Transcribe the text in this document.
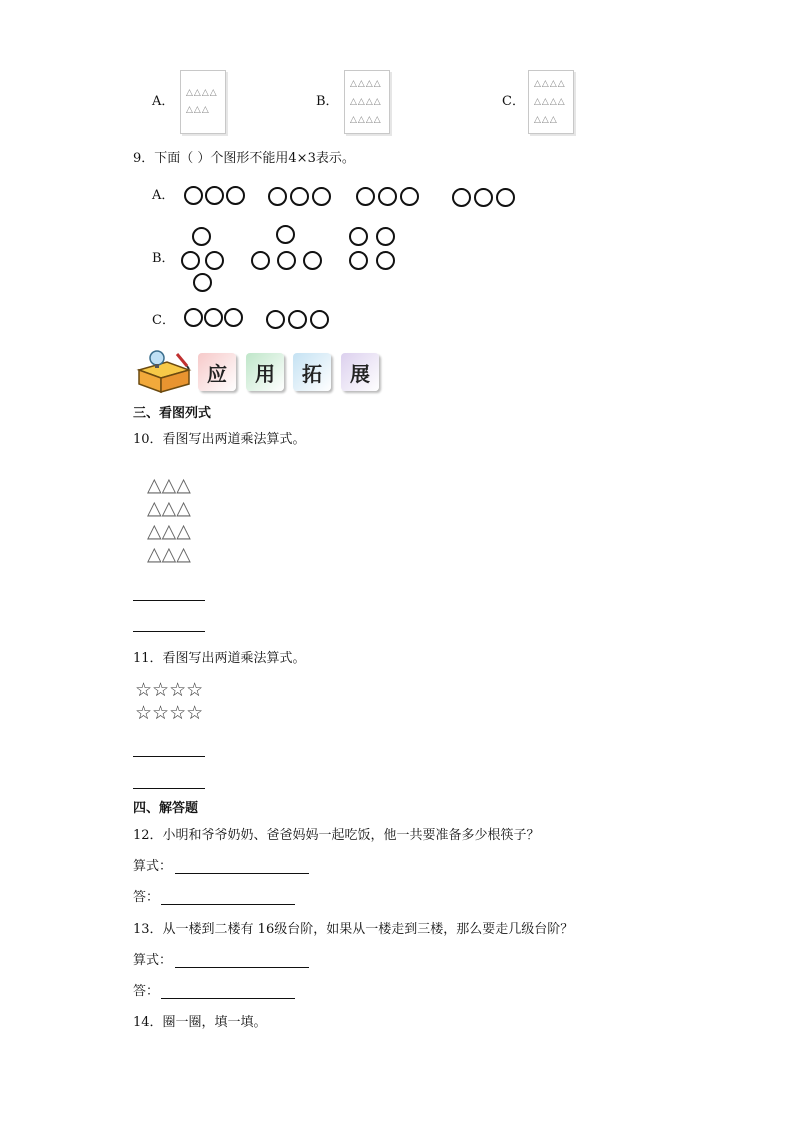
A．
△△△△
△△△
B．
△△△△
△△△△
△△△△
C．
△△△△
△△△△
△△△
9．下面（ ）个图形不能用4×3表示。
A．
B．
C．
应 用 拓 展
三、看图列式
10．看图写出两道乘法算式。
△△△
△△△
△△△
△△△
11．看图写出两道乘法算式。
☆☆☆☆
☆☆☆☆
四、解答题
12．小明和爷爷奶奶、爸爸妈妈一起吃饭，他一共要准备多少根筷子？
算式：
答：
13．从一楼到二楼有 16级台阶，如果从一楼走到三楼，那么要走几级台阶？
算式：
答：
14．圈一圈，填一填。
